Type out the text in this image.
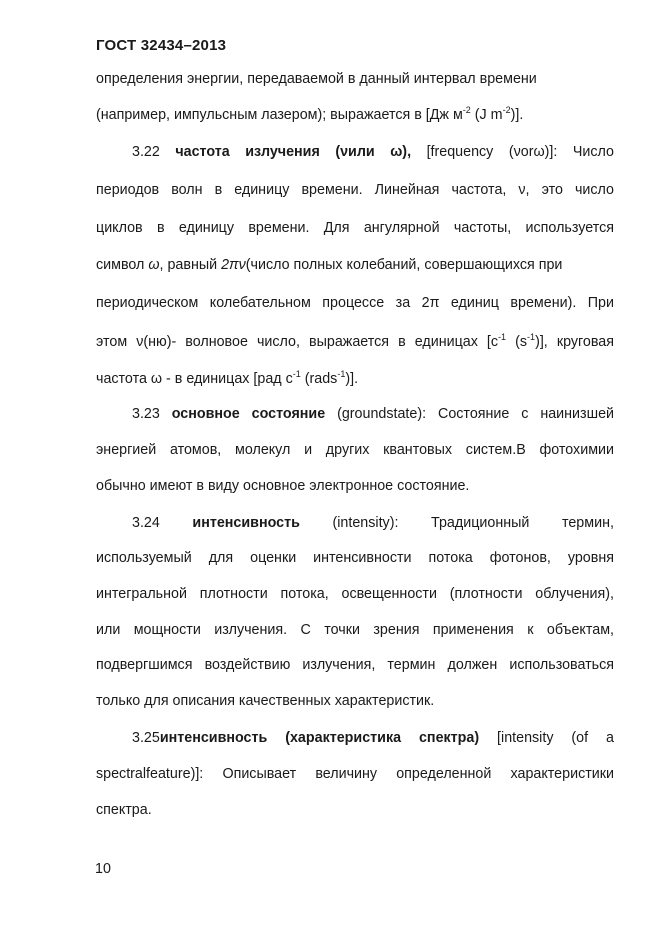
ГОСТ 32434–2013
определения энергии, передаваемой в данный интервал времени
(например, импульсным лазером); выражается в [Дж $м^{-2}$ (J $m^{-2}$)].
3.22 частота излучения (νили ω), [frequency (νorω)]: Число
периодов волн в единицу времени. Линейная частота, ν, это число
циклов в единицу времени. Для ангулярной частоты, используется
символ ω, равный 2πν(число полных колебаний, совершающихся при
периодическом колебательном процессе за 2π единиц времени). При
этом ν(ню)- волновое число, выражается в единицах [$с^{-1}$ $(s^{-1})$], круговая
частота ω - в единицах [рад $с^{-1}$ (rads$^{-1}$)].
3.23 основное состояние (groundstate): Состояние с наинизшей
энергией атомов, молекул и других квантовых систем.В фотохимии
обычно имеют в виду основное электронное состояние.
3.24 интенсивность (intensity): Традиционный термин,
используемый для оценки интенсивности потока фотонов, уровня
интегральной плотности потока, освещенности (плотности облучения),
или мощности излучения. С точки зрения применения к объектам,
подвергшимся воздействию излучения, термин должен использоваться
только для описания качественных характеристик.
3.25интенсивность (характеристика спектра) [intensity (of a
spectralfeature)]: Описывает величину определенной характеристики
спектра.
10
